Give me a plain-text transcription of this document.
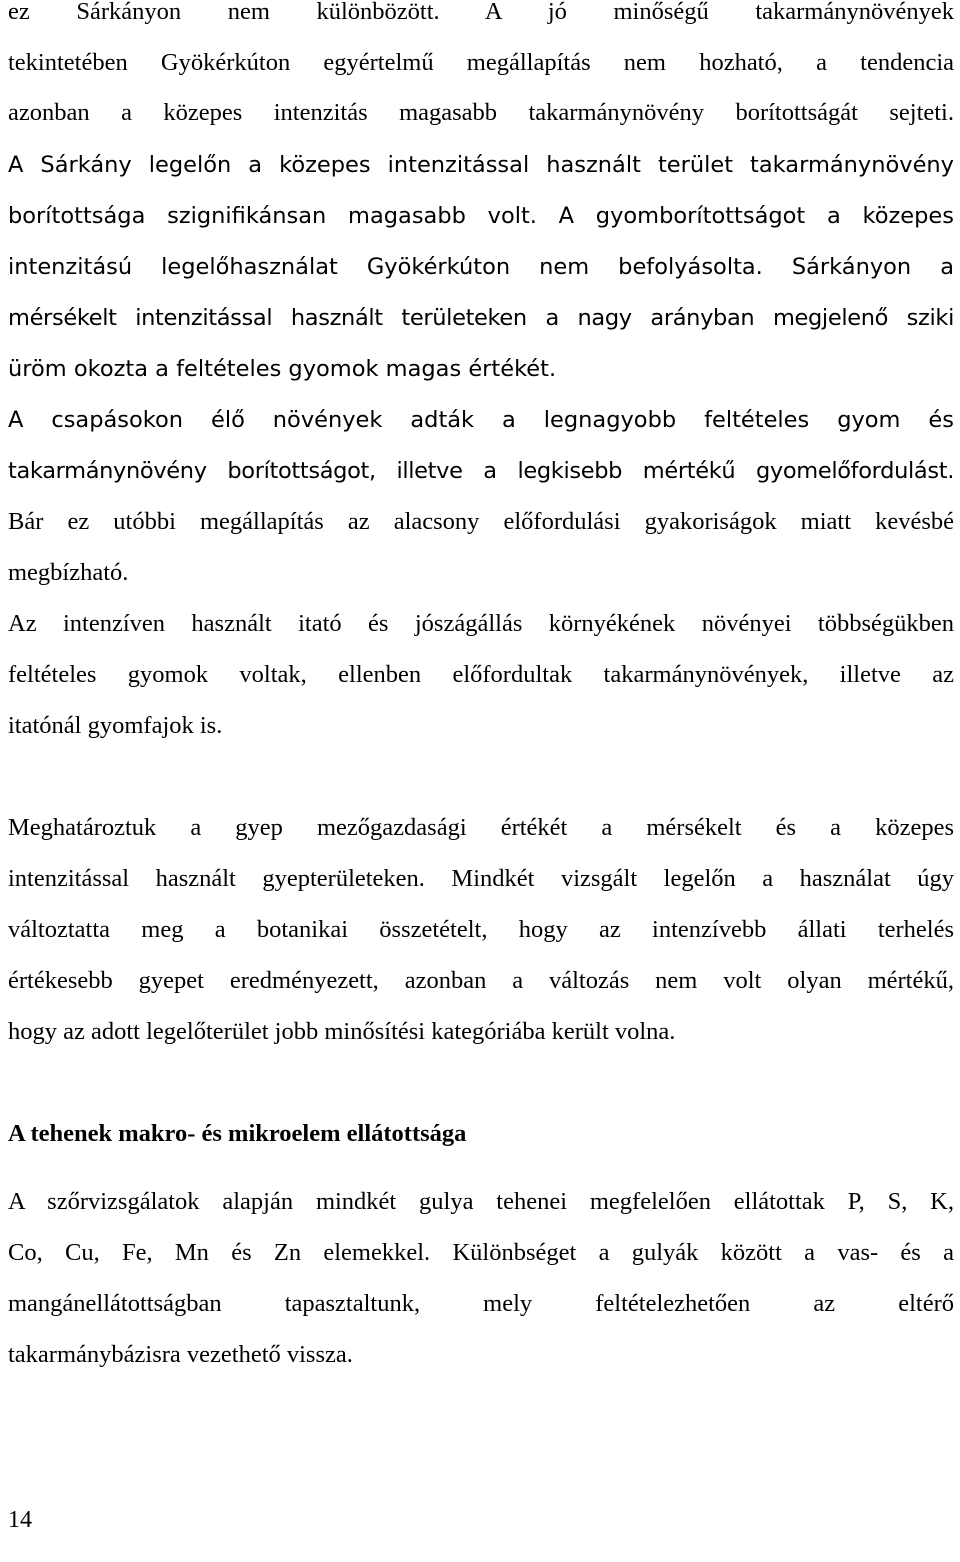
ez Sárkányon nem különbözött. A jó minőségű takarmánynövények
tekintetében Gyökérkúton egyértelmű megállapítás nem hozható, a tendencia
azonban a közepes intenzitás magasabb takarmánynövény borítottságát sejteti.
A Sárkány legelőn a közepes intenzitással használt terület takarmánynövény
borítottsága szignifikánsan magasabb volt. A gyomborítottságot a közepes
intenzitású legelőhasználat Gyökérkúton nem befolyásolta. Sárkányon a
mérsékelt intenzitással használt területeken a nagy arányban megjelenő sziki
üröm okozta a feltételes gyomok magas értékét.
A csapásokon élő növények adták a legnagyobb feltételes gyom és
takarmánynövény borítottságot, illetve a legkisebb mértékű gyomelőfordulást.
Bár ez utóbbi megállapítás az alacsony előfordulási gyakoriságok miatt kevésbé
megbízható.
Az intenzíven használt itató és jószágállás környékének növényei többségükben
feltételes gyomok voltak, ellenben előfordultak takarmánynövények, illetve az
itatónál gyomfajok is.
Meghatároztuk a gyep mezőgazdasági értékét a mérsékelt és a közepes
intenzitással használt gyepterületeken. Mindkét vizsgált legelőn a használat úgy
változtatta meg a botanikai összetételt, hogy az intenzívebb állati terhelés
értékesebb gyepet eredményezett, azonban a változás nem volt olyan mértékű,
hogy az adott legelőterület jobb minősítési kategóriába került volna.
A tehenek makro- és mikroelem ellátottsága
A szőrvizsgálatok alapján mindkét gulya tehenei megfelelően ellátottak P, S, K,
Co, Cu, Fe, Mn és Zn elemekkel. Különbséget a gulyák között a vas- és a
mangánellátottságban tapasztaltunk, mely feltételezhetően az eltérő
takarmánybázisra vezethető vissza.
14
